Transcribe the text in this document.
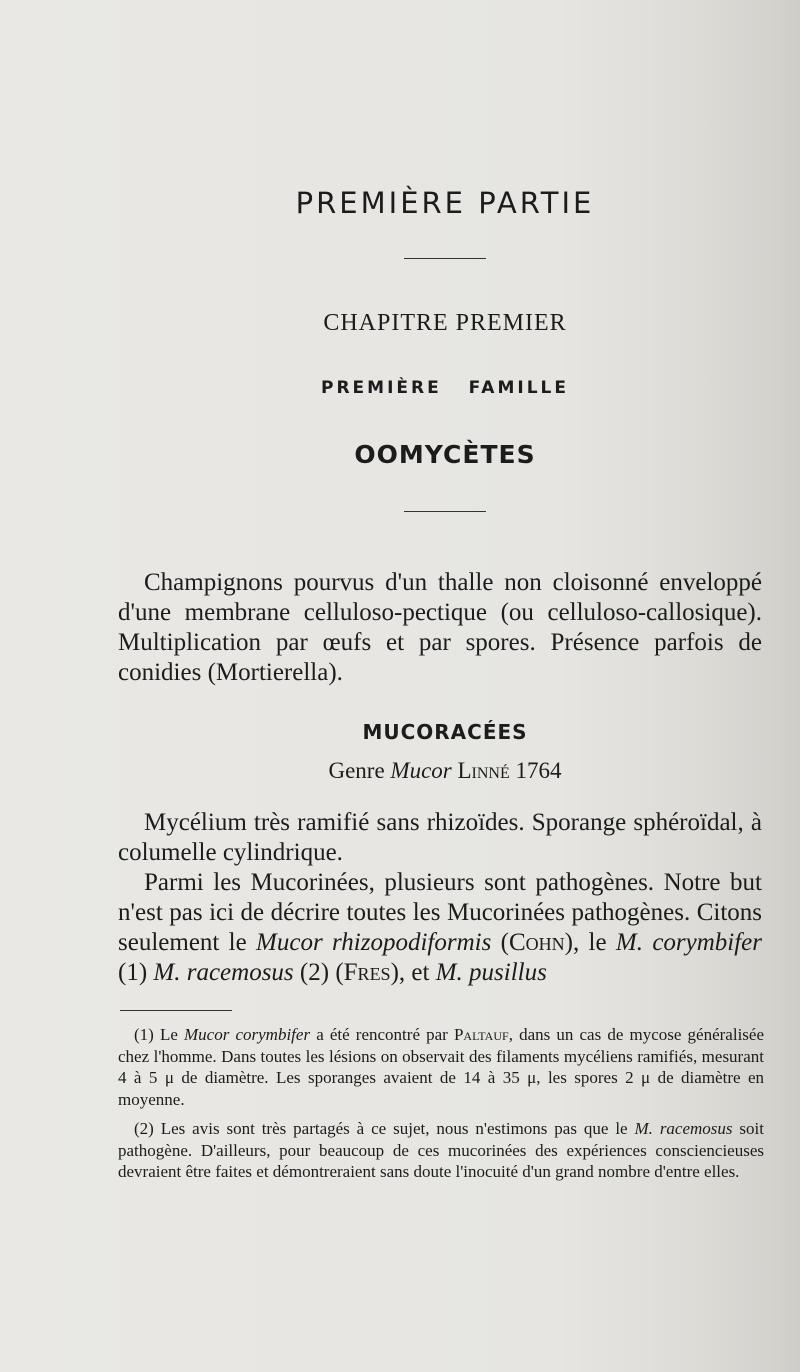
PREMIÈRE PARTIE
CHAPITRE PREMIER
PREMIÈRE FAMILLE
OOMYCÈTES

Champignons pourvus d'un thalle non cloisonné enveloppé d'une membrane celluloso-pectique (ou celluloso-callosique). Multiplication par œufs et par spores. Présence parfois de conidies (Mortierella).

MUCORACÉES
Genre Mucor Linné 1764

Mycélium très ramifié sans rhizoïdes. Sporange sphéroïdal, à columelle cylindrique.

Parmi les Mucorinées, plusieurs sont pathogènes. Notre but n'est pas ici de décrire toutes les Mucorinées pathogènes. Citons seulement le Mucor rhizopodiformis (Cohn), le M. corymbifer (1) M. racemosus (2) (Fres), et M. pusillus

(1) Le Mucor corymbifer a été rencontré par Paltauf, dans un cas de mycose généralisée chez l'homme. Dans toutes les lésions on observait des filaments mycéliens ramifiés, mesurant 4 à 5 μ de diamètre. Les sporanges avaient de 14 à 35 μ, les spores 2 μ de diamètre en moyenne.

(2) Les avis sont très partagés à ce sujet, nous n'estimons pas que le M. racemosus soit pathogène. D'ailleurs, pour beaucoup de ces mucorinées des expériences consciencieuses devraient être faites et démontreraient sans doute l'inocuité d'un grand nombre d'entre elles.
